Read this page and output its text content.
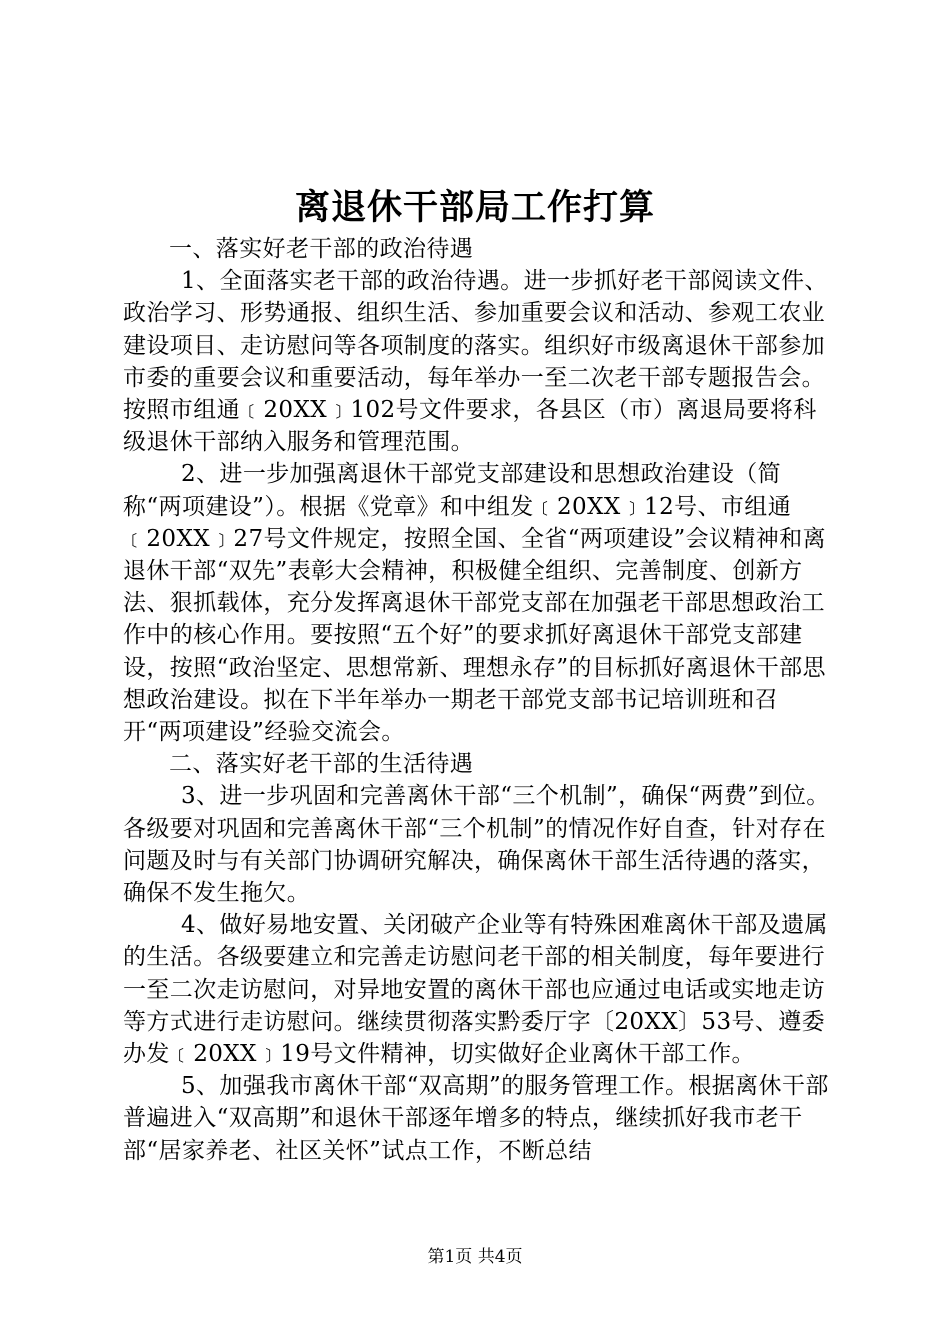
离退休干部局工作打算

一、落实好老干部的政治待遇

1、全面落实老干部的政治待遇。进一步抓好老干部阅读文件、政治学习、形势通报、组织生活、参加重要会议和活动、参观工农业建设项目、走访慰问等各项制度的落实。组织好市级离退休干部参加市委的重要会议和重要活动，每年举办一至二次老干部专题报告会。按照市组通﹝20XX﹞102号文件要求，各县区（市）离退局要将科级退休干部纳入服务和管理范围。

2、进一步加强离退休干部党支部建设和思想政治建设（简称“两项建设”）。根据《党章》和中组发﹝20XX﹞12号、市组通﹝20XX﹞27号文件规定，按照全国、全省“两项建设”会议精神和离退休干部“双先”表彰大会精神，积极健全组织、完善制度、创新方法、狠抓载体，充分发挥离退休干部党支部在加强老干部思想政治工作中的核心作用。要按照“五个好”的要求抓好离退休干部党支部建设，按照“政治坚定、思想常新、理想永存”的目标抓好离退休干部思想政治建设。拟在下半年举办一期老干部党支部书记培训班和召开“两项建设”经验交流会。

二、落实好老干部的生活待遇

3、进一步巩固和完善离休干部“三个机制”，确保“两费”到位。各级要对巩固和完善离休干部“三个机制”的情况作好自查，针对存在问题及时与有关部门协调研究解决，确保离休干部生活待遇的落实，确保不发生拖欠。

4、做好易地安置、关闭破产企业等有特殊困难离休干部及遗属的生活。各级要建立和完善走访慰问老干部的相关制度，每年要进行一至二次走访慰问，对异地安置的离休干部也应通过电话或实地走访等方式进行走访慰问。继续贯彻落实黔委厅字〔20XX〕53号、遵委办发﹝20XX﹞19号文件精神，切实做好企业离休干部工作。

5、加强我市离休干部“双高期”的服务管理工作。根据离休干部普遍进入“双高期”和退休干部逐年增多的特点，继续抓好我市老干部“居家养老、社区关怀”试点工作，不断总结

第1页 共4页
